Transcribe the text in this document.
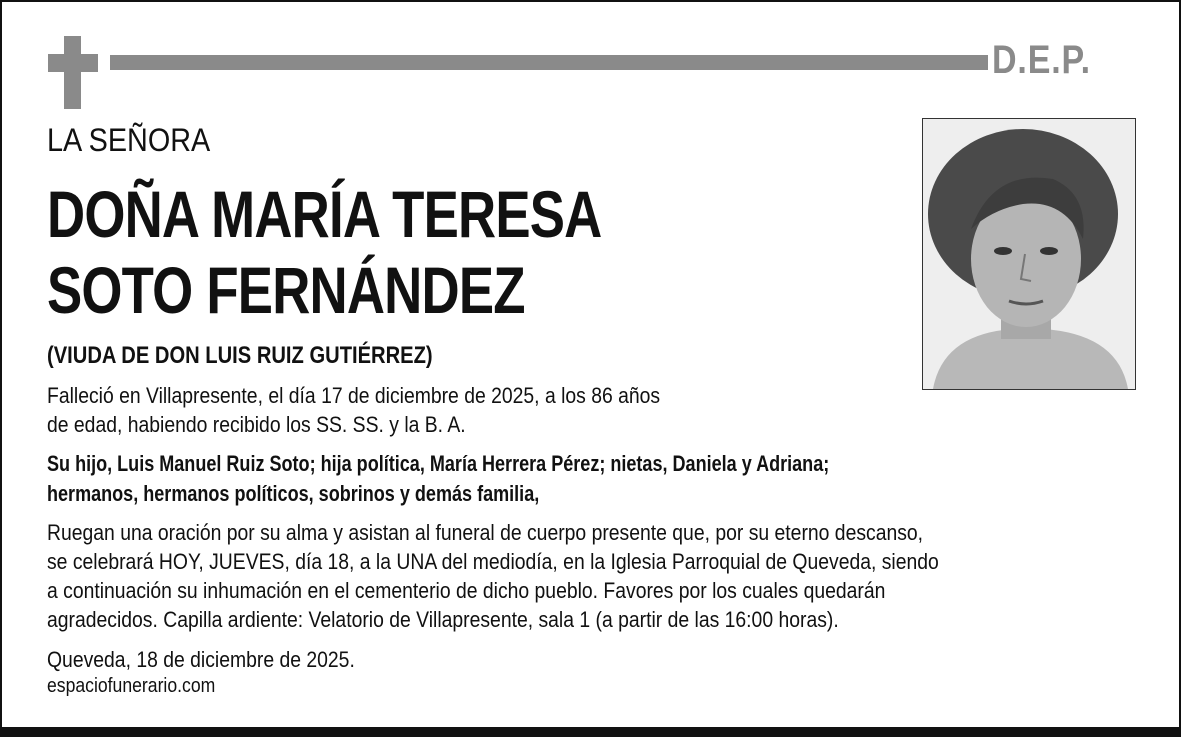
D.E.P.
LA SEÑORA
DOÑA MARÍA TERESA
SOTO FERNÁNDEZ
(VIUDA DE DON LUIS RUIZ GUTIÉRREZ)
Falleció en Villapresente, el día 17 de diciembre de 2025, a los 86 años
de edad, habiendo recibido los SS. SS. y la B. A.
Su hijo, Luis Manuel Ruiz Soto; hija política, María Herrera Pérez; nietas, Daniela y Adriana;
hermanos, hermanos políticos, sobrinos y demás familia,
Ruegan una oración por su alma y asistan al funeral de cuerpo presente que, por su eterno descanso,
se celebrará HOY, JUEVES, día 18, a la UNA del mediodía, en la Iglesia Parroquial de Queveda, siendo
a continuación su inhumación en el cementerio de dicho pueblo. Favores por los cuales quedarán
agradecidos. Capilla ardiente: Velatorio de Villapresente, sala 1 (a partir de las 16:00 horas).
Queveda, 18 de diciembre de 2025.
espaciofunerario.com
